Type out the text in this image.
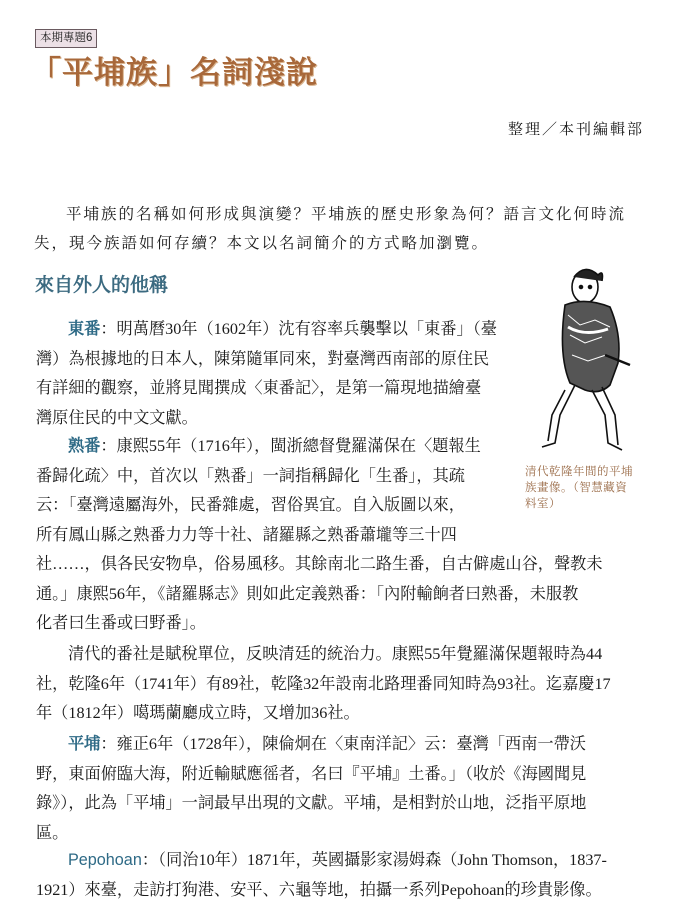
本期專題6
「平埔族」名詞淺說
整理／本刊編輯部
平埔族的名稱如何形成與演變？平埔族的歷史形象為何？語言文化何時流
失，現今族語如何存續？本文以名詞簡介的方式略加瀏覽。
來自外人的他稱
清代乾隆年間的平埔
族畫像。（智慧藏資
料室）
東番：明萬曆30年（1602年）沈有容率兵襲擊以「東番」（臺
灣）為根據地的日本人，陳第隨軍同來，對臺灣西南部的原住民
有詳細的觀察，並將見聞撰成〈東番記〉，是第一篇現地描繪臺
灣原住民的中文文獻。
熟番：康熙55年（1716年），閩浙總督覺羅滿保在〈題報生
番歸化疏〉中，首次以「熟番」一詞指稱歸化「生番」，其疏
云：「臺灣遠屬海外，民番雜處，習俗異宜。自入版圖以來，
所有鳳山縣之熟番力力等十社、諸羅縣之熟番蕭壠等三十四
社……，俱各民安物阜，俗易風移。其餘南北二路生番，自古僻處山谷，聲教未
通。」康熙56年，《諸羅縣志》則如此定義熟番：「內附輸餉者曰熟番，未服教
化者曰生番或曰野番」。
清代的番社是賦稅單位，反映清廷的統治力。康熙55年覺羅滿保題報時為44
社，乾隆6年（1741年）有89社，乾隆32年設南北路理番同知時為93社。迄嘉慶17
年（1812年）噶瑪蘭廳成立時，又增加36社。
平埔：雍正6年（1728年），陳倫炯在〈東南洋記〉云：臺灣「西南一帶沃
野，東面俯臨大海，附近輸賦應徭者，名曰『平埔』土番。」（收於《海國聞見
錄》），此為「平埔」一詞最早出現的文獻。平埔，是相對於山地，泛指平原地
區。
Pepohoan：（同治10年）1871年，英國攝影家湯姆森（John Thomson，1837-
1921）來臺，走訪打狗港、安平、六龜等地，拍攝一系列Pepohoan的珍貴影像。
